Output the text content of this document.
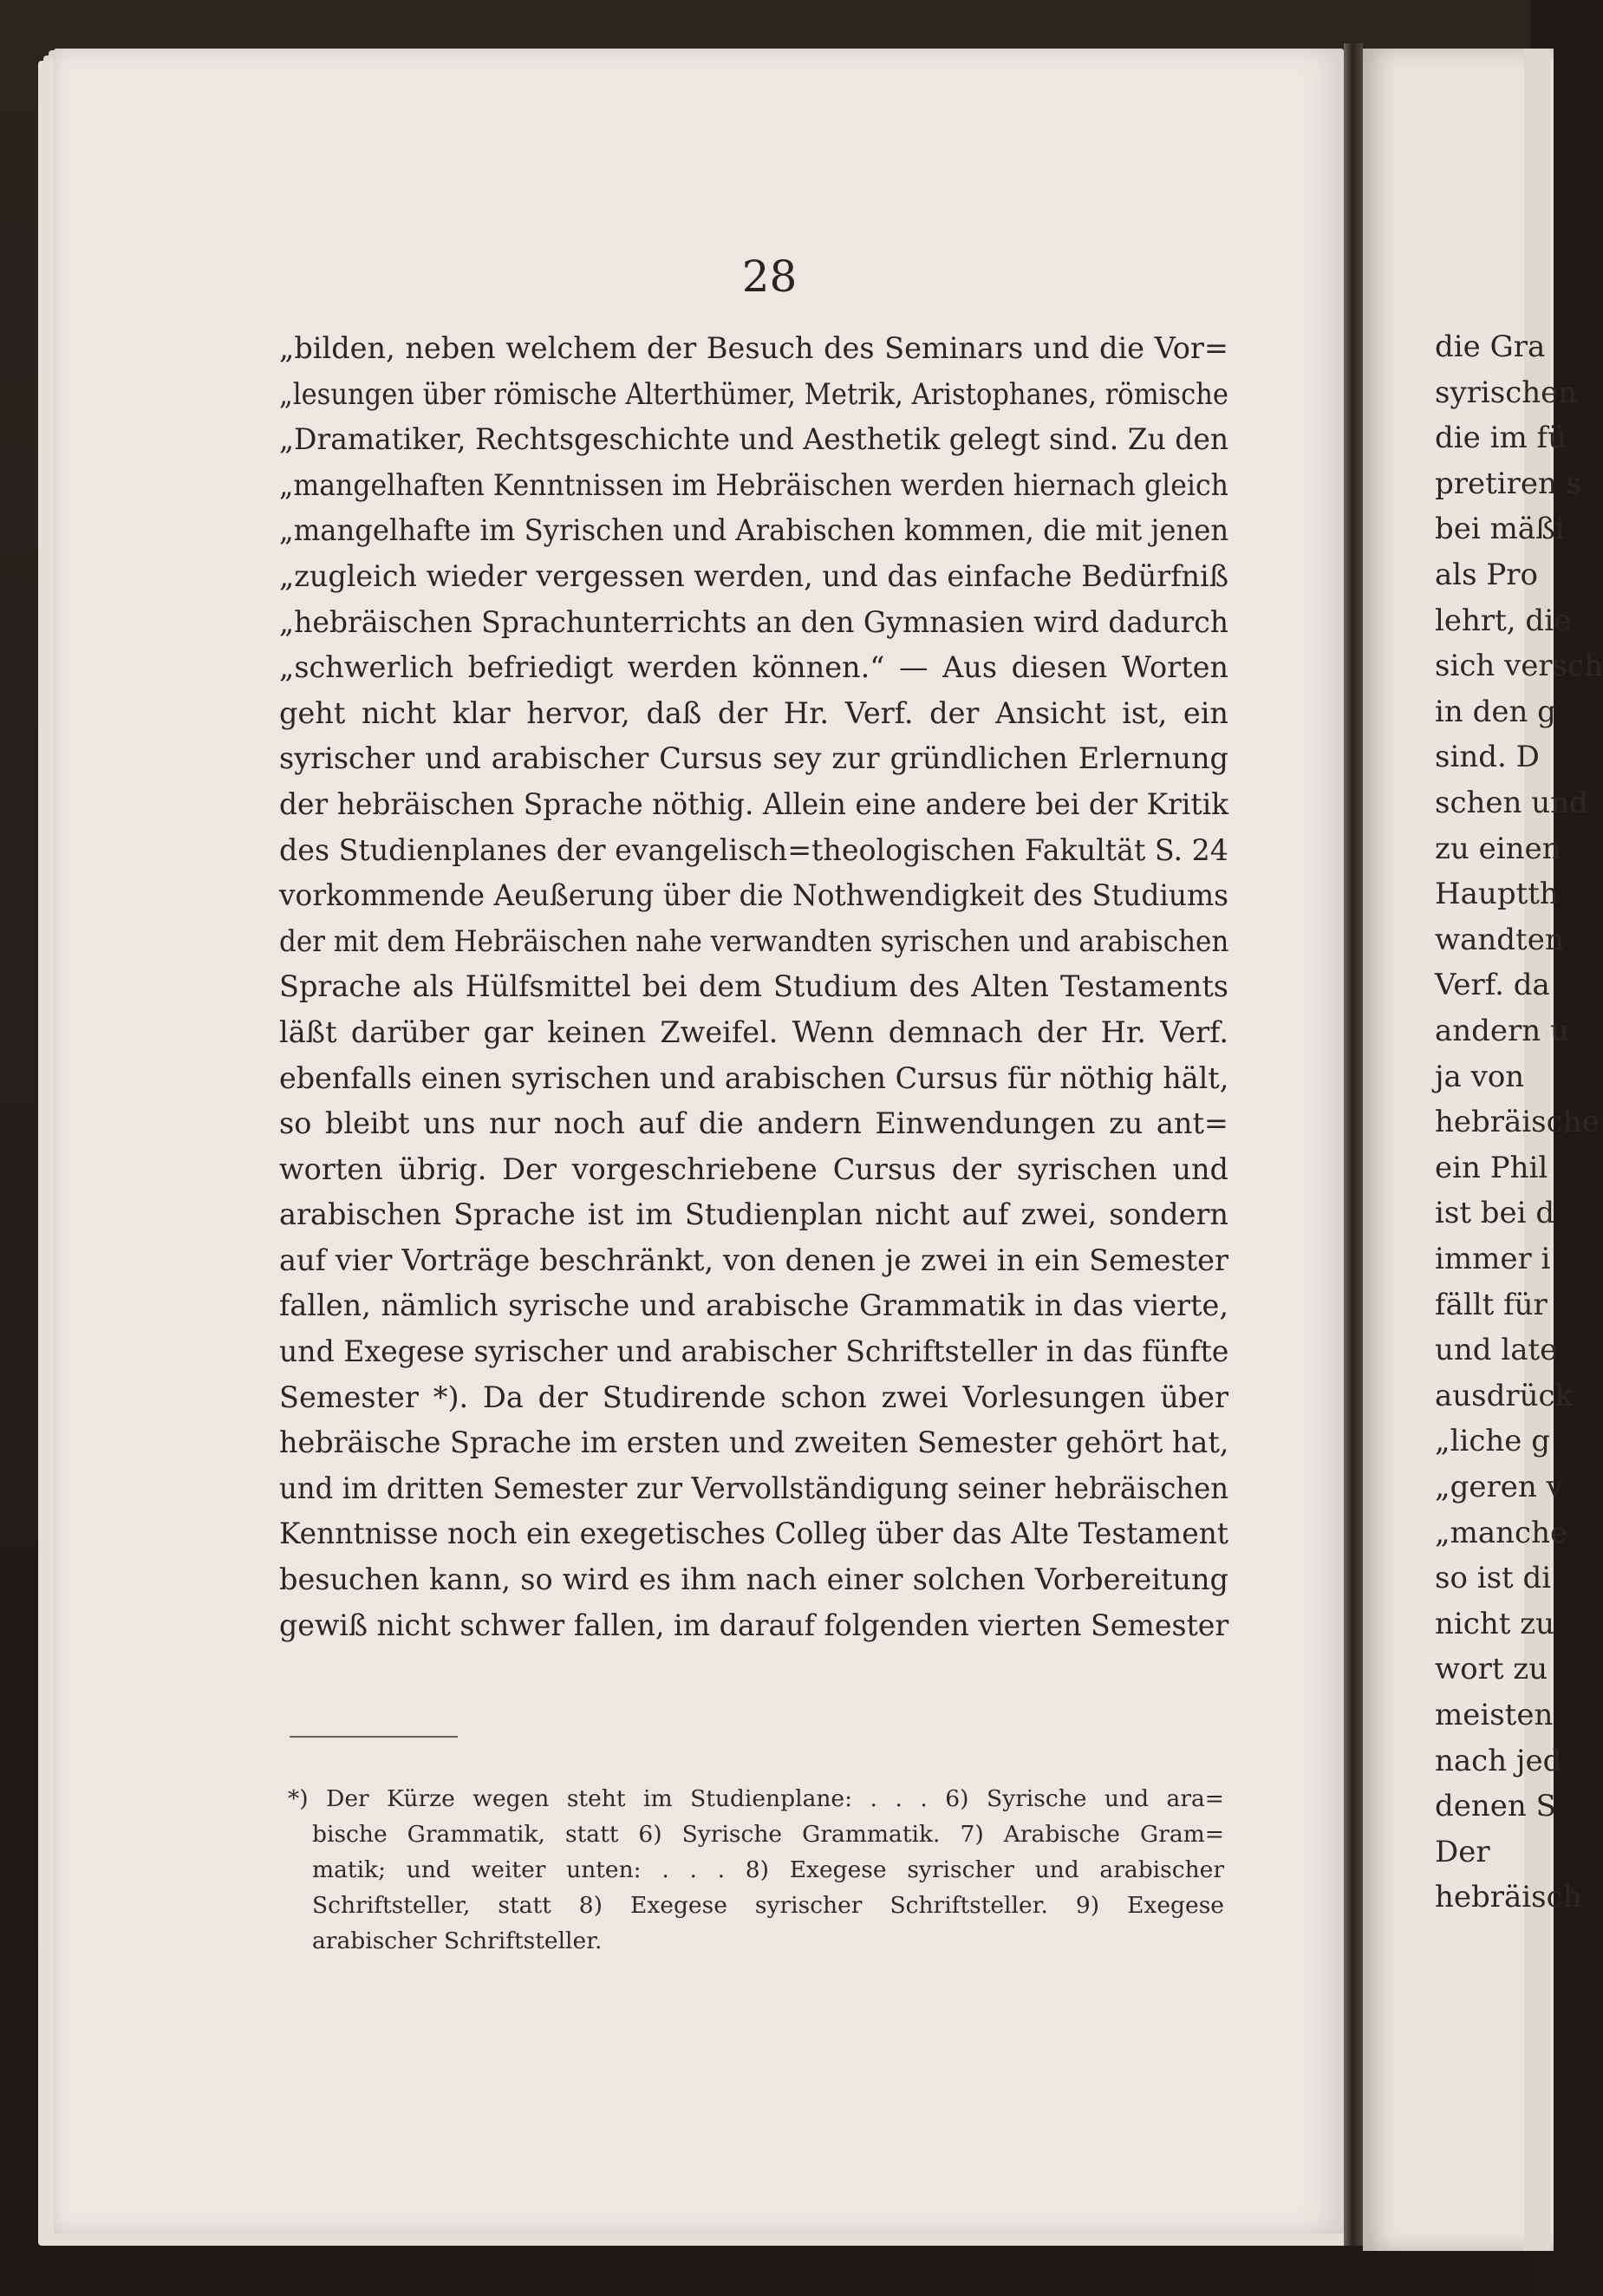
28
„bilden, neben welchem der Besuch des Seminars und die Vor=
„lesungen über römische Alterthümer, Metrik, Aristophanes, römische
„Dramatiker, Rechtsgeschichte und Aesthetik gelegt sind. Zu den
„mangelhaften Kenntnissen im Hebräischen werden hiernach gleich
„mangelhafte im Syrischen und Arabischen kommen, die mit jenen
„zugleich wieder vergessen werden, und das einfache Bedürfniß
„hebräischen Sprachunterrichts an den Gymnasien wird dadurch
„schwerlich befriedigt werden können.“ — Aus diesen Worten
geht nicht klar hervor, daß der Hr. Verf. der Ansicht ist, ein
syrischer und arabischer Cursus sey zur gründlichen Erlernung
der hebräischen Sprache nöthig. Allein eine andere bei der Kritik
des Studienplanes der evangelisch=theologischen Fakultät S. 24
vorkommende Aeußerung über die Nothwendigkeit des Studiums
der mit dem Hebräischen nahe verwandten syrischen und arabischen
Sprache als Hülfsmittel bei dem Studium des Alten Testaments
läßt darüber gar keinen Zweifel. Wenn demnach der Hr. Verf.
ebenfalls einen syrischen und arabischen Cursus für nöthig hält,
so bleibt uns nur noch auf die andern Einwendungen zu ant=
worten übrig. Der vorgeschriebene Cursus der syrischen und
arabischen Sprache ist im Studienplan nicht auf zwei, sondern
auf vier Vorträge beschränkt, von denen je zwei in ein Semester
fallen, nämlich syrische und arabische Grammatik in das vierte,
und Exegese syrischer und arabischer Schriftsteller in das fünfte
Semester *). Da der Studirende schon zwei Vorlesungen über
hebräische Sprache im ersten und zweiten Semester gehört hat,
und im dritten Semester zur Vervollständigung seiner hebräischen
Kenntnisse noch ein exegetisches Colleg über das Alte Testament
besuchen kann, so wird es ihm nach einer solchen Vorbereitung
gewiß nicht schwer fallen, im darauf folgenden vierten Semester
*) Der Kürze wegen steht im Studienplane: . . . 6) Syrische und ara=
bische Grammatik, statt 6) Syrische Grammatik. 7) Arabische Gram=
matik; und weiter unten: . . . 8) Exegese syrischer und arabischer
Schriftsteller, statt 8) Exegese syrischer Schriftsteller. 9) Exegese
arabischer Schriftsteller.
die Gra
syrischen
die im fü
pretiren s
bei mäßi
als Pro
lehrt, die
sich versch
in den g
sind. D
schen und
zu einen
Hauptth
wandten
Verf. da
andern u
ja von
hebräische
ein Phil
ist bei d
immer i
fällt für
und late
ausdrück
„liche g
„geren v
„manche
so ist di
nicht zu
wort zu
meisten
nach jed
denen S
Der
hebräisch
